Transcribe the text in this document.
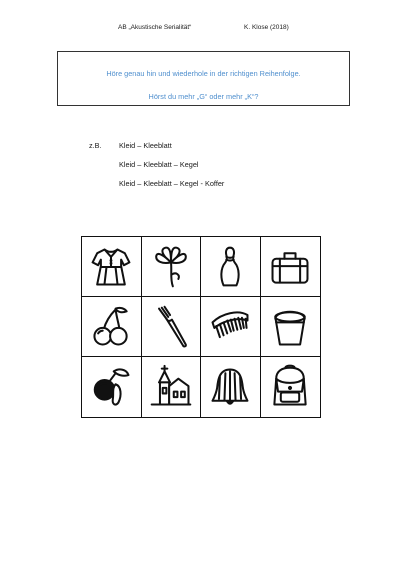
AB „Akustische Serialität“	K. Klose (2018)
Höre genau hin und wiederhole in der richtigen Reihenfolge.
Hörst du mehr „G“ oder mehr „K“?
z.B. Kleid – Kleeblatt
Kleid – Kleeblatt – Kegel
Kleid – Kleeblatt – Kegel - Koffer
